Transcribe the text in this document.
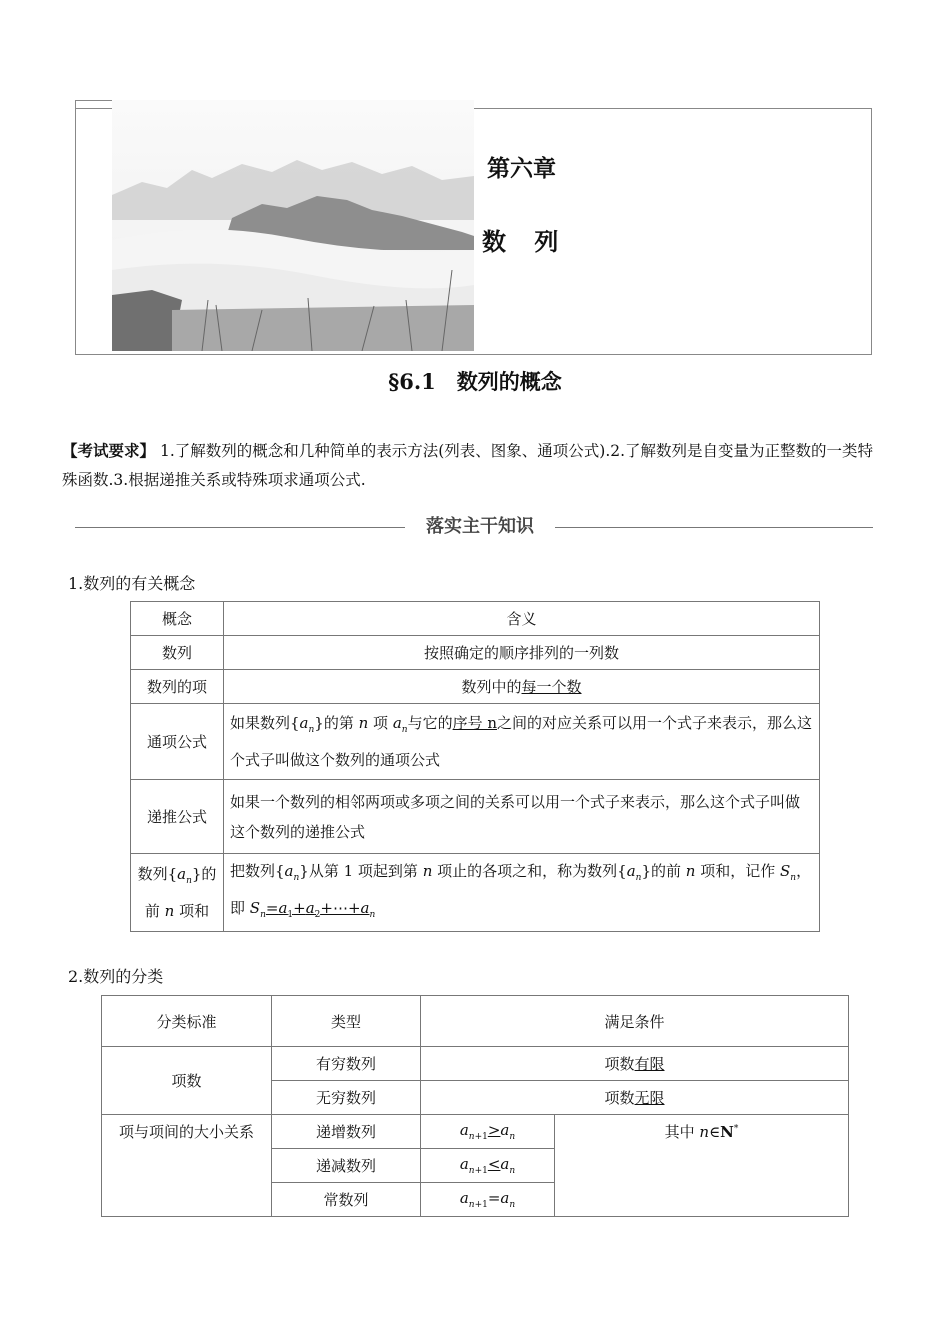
第六章
数 列
§6.1　数列的概念
【考试要求】 1.了解数列的概念和几种简单的表示方法(列表、图象、通项公式).2.了解数列是自变量为正整数的一类特殊函数.3.根据递推关系或特殊项求通项公式.
落实主干知识
1.数列的有关概念
概念	含义
数列	按照确定的顺序排列的一列数
数列的项	数列中的每一个数
通项公式	如果数列$\{a_n\}$的第 n 项 $a_n$与它的序号 n之间的对应关系可以用一个式子来表示，那么这个式子叫做这个数列的通项公式
递推公式	如果一个数列的相邻两项或多项之间的关系可以用一个式子来表示，那么这个式子叫做这个数列的递推公式
数列$\{a_n\}$的
前 n 项和	把数列$\{a_n\}$从第 1 项起到第 n 项止的各项之和，称为数列$\{a_n\}$的前 n 项和，记作 $S_n$，即 $S_n=a_1+a_2+\cdots+a_n$
2.数列的分类
分类标准	类型	满足条件	
项数	有穷数列	项数有限	
	无穷数列	项数无限	
项与项间的大小关系	递增数列	$a_{n+1}>a_n$	其中 n∈N*
	递减数列	$a_{n+1}<a_n$
	常数列	$a_{n+1}=a_n$
